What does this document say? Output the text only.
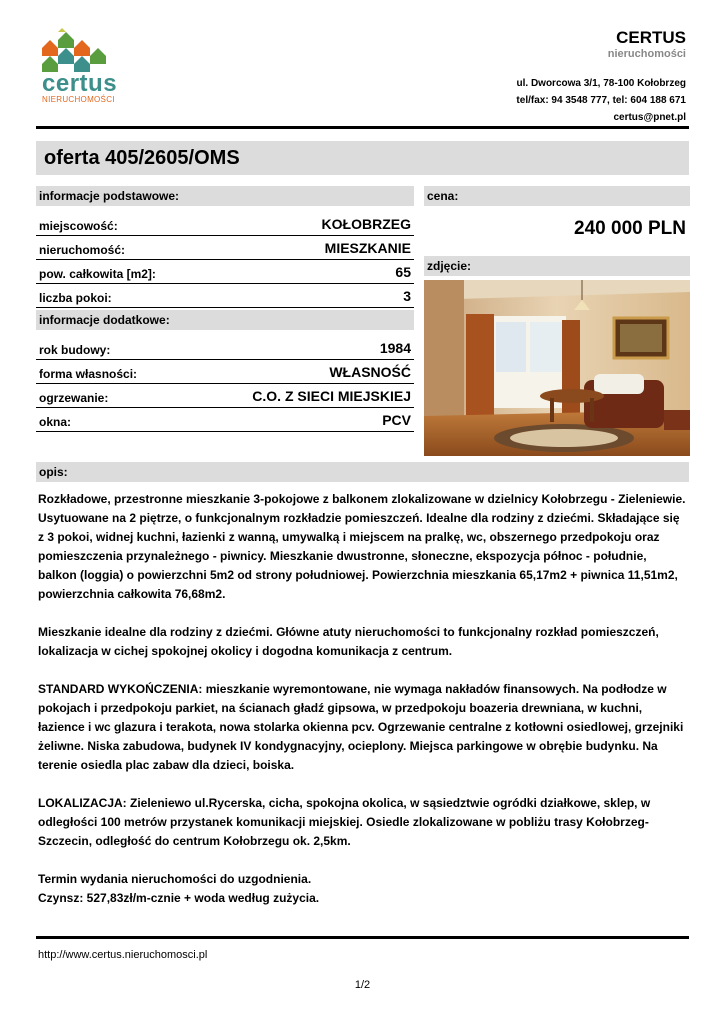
certus
NIERUCHOMOŚCI
CERTUS
nieruchomości
ul. Dworcowa 3/1, 78-100 Kołobrzeg
tel/fax: 94 3548 777, tel: 604 188 671
certus@pnet.pl
oferta 405/2605/OMS
informacje podstawowe:
miejscowość:	KOŁOBRZEG
nieruchomość:	MIESZKANIE
pow. całkowita [m2]:	65
liczba pokoi:	3
informacje dodatkowe:
rok budowy:	1984
forma własności:	WŁASNOŚĆ
ogrzewanie:	C.O. Z SIECI MIEJSKIEJ
okna:	PCV
cena:
240 000 PLN
zdjęcie:
opis:

Rozkładowe, przestronne mieszkanie 3-pokojowe z balkonem zlokalizowane w dzielnicy Kołobrzegu - Zieleniewie. Usytuowane na 2 piętrze, o funkcjonalnym rozkładzie pomieszczeń. Idealne dla rodziny z dziećmi. Składające się z 3 pokoi, widnej kuchni, łazienki z wanną, umywalką i miejscem na pralkę, wc, obszernego przedpokoju oraz pomieszczenia przynależnego - piwnicy. Mieszkanie dwustronne, słoneczne, ekspozycja północ - południe, balkon (loggia) o powierzchni 5m2 od strony południowej. Powierzchnia mieszkania 65,17m2 + piwnica 11,51m2, powierzchnia całkowita 76,68m2.

Mieszkanie idealne dla rodziny z dziećmi. Główne atuty nieruchomości to funkcjonalny rozkład pomieszczeń, lokalizacja w cichej spokojnej okolicy i dogodna komunikacja z centrum.

STANDARD WYKOŃCZENIA: mieszkanie wyremontowane, nie wymaga nakładów finansowych. Na podłodze w pokojach i przedpokoju parkiet, na ścianach gładź gipsowa, w przedpokoju boazeria drewniana, w kuchni, łazience i wc glazura i terakota, nowa stolarka okienna pcv. Ogrzewanie centralne z kotłowni osiedlowej, grzejniki żeliwne. Niska zabudowa, budynek IV kondygnacyjny, ocieplony. Miejsca parkingowe w obrębie budynku. Na terenie osiedla plac zabaw dla dzieci, boiska.

LOKALIZACJA: Zieleniewo ul.Rycerska, cicha, spokojna okolica, w sąsiedztwie ogródki działkowe, sklep, w odległości 100 metrów przystanek komunikacji miejskiej. Osiedle zlokalizowane w pobliżu trasy Kołobrzeg-Szczecin, odległość do centrum Kołobrzegu ok. 2,5km.

Termin wydania nieruchomości do uzgodnienia.
Czynsz: 527,83zł/m-cznie + woda według zużycia.
http://www.certus.nieruchomosci.pl
1/2
